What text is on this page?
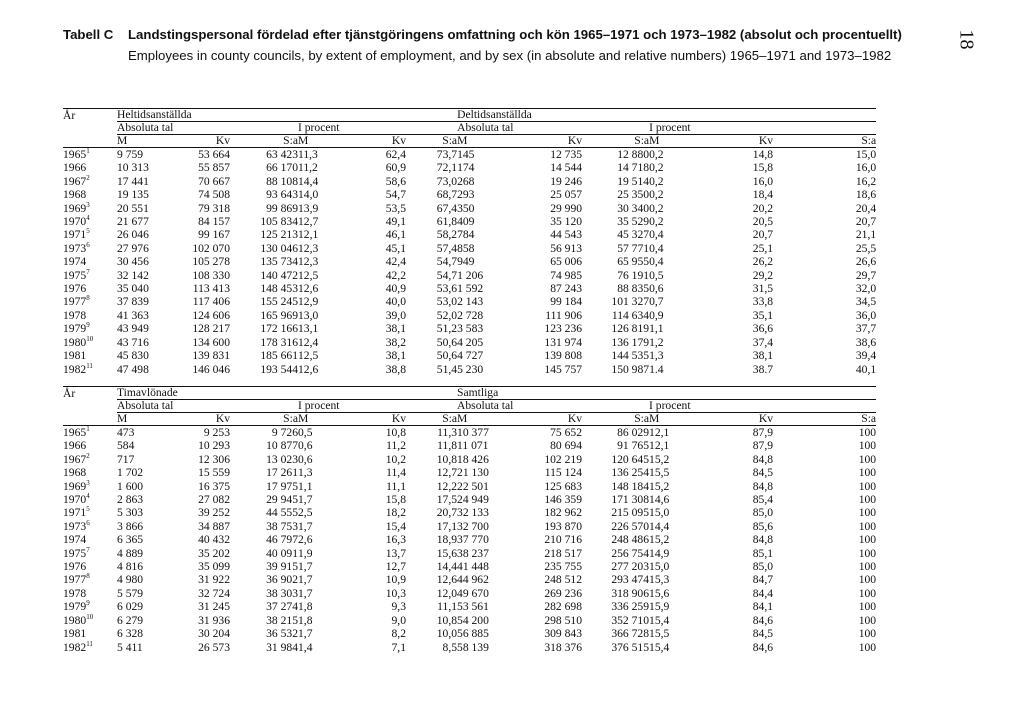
18
Tabell C Landstingspersonal fördelad efter tjänstgöringens omfattning och kön 1965–1971 och 1973–1982 (absolut och procentuellt)
Employees in county councils, by extent of employment, and by sex (in absolute and relative numbers) 1965–1971 and 1973–1982
År	Heltidsanställda						Deltidsanställda					
	Absoluta tal			I procent			Absoluta tal			I procent		
	M	Kv	S:a	M	Kv	S:a	M	Kv	S:a	M	Kv	S:a
1965$^1$	9 759	53 664	63 423	11,3	62,4	73,7	145	12 735	12 880	0,2	14,8	15,0
1966	10 313	55 857	66 170	11,2	60,9	72,1	174	14 544	14 718	0,2	15,8	16,0
1967$^2$	17 441	70 667	88 108	14,4	58,6	73,0	268	19 246	19 514	0,2	16,0	16,2
1968	19 135	74 508	93 643	14,0	54,7	68,7	293	25 057	25 350	0,2	18,4	18,6
1969$^3$	20 551	79 318	99 869	13,9	53,5	67,4	350	29 990	30 340	0,2	20,2	20,4
1970$^4$	21 677	84 157	105 834	12,7	49,1	61,8	409	35 120	35 529	0,2	20,5	20,7
1971$^5$	26 046	99 167	125 213	12,1	46,1	58,2	784	44 543	45 327	0,4	20,7	21,1
1973$^6$	27 976	102 070	130 046	12,3	45,1	57,4	858	56 913	57 771	0,4	25,1	25,5
1974	30 456	105 278	135 734	12,3	42,4	54,7	949	65 006	65 955	0,4	26,2	26,6
1975$^7$	32 142	108 330	140 472	12,5	42,2	54,7	1 206	74 985	76 191	0,5	29,2	29,7
1976	35 040	113 413	148 453	12,6	40,9	53,6	1 592	87 243	88 835	0,6	31,5	32,0
1977$^8$	37 839	117 406	155 245	12,9	40,0	53,0	2 143	99 184	101 327	0,7	33,8	34,5
1978	41 363	124 606	165 969	13,0	39,0	52,0	2 728	111 906	114 634	0,9	35,1	36,0
1979$^9$	43 949	128 217	172 166	13,1	38,1	51,2	3 583	123 236	126 819	1,1	36,6	37,7
1980$^{10}$	43 716	134 600	178 316	12,4	38,2	50,6	4 205	131 974	136 179	1,2	37,4	38,6
1981	45 830	139 831	185 661	12,5	38,1	50,6	4 727	139 808	144 535	1,3	38,1	39,4
1982$^{11}$	47 498	146 046	193 544	12,6	38,8	51,4	5 230	145 757	150 987	1.4	38.7	40,1
År	Timavlönade						Samtliga					
	Absoluta tal			I procent			Absoluta tal			I procent		
	M	Kv	S:a	M	Kv	S:a	M	Kv	S:a	M	Kv	S:a
1965$^1$	473	9 253	9 726	0,5	10,8	11,3	10 377	75 652	86 029	12,1	87,9	100
1966	584	10 293	10 877	0,6	11,2	11,8	11 071	80 694	91 765	12,1	87,9	100
1967$^2$	717	12 306	13 023	0,6	10,2	10,8	18 426	102 219	120 645	15,2	84,8	100
1968	1 702	15 559	17 261	1,3	11,4	12,7	21 130	115 124	136 254	15,5	84,5	100
1969$^3$	1 600	16 375	17 975	1,1	11,1	12,2	22 501	125 683	148 184	15,2	84,8	100
1970$^4$	2 863	27 082	29 945	1,7	15,8	17,5	24 949	146 359	171 308	14,6	85,4	100
1971$^5$	5 303	39 252	44 555	2,5	18,2	20,7	32 133	182 962	215 095	15,0	85,0	100
1973$^6$	3 866	34 887	38 753	1,7	15,4	17,1	32 700	193 870	226 570	14,4	85,6	100
1974	6 365	40 432	46 797	2,6	16,3	18,9	37 770	210 716	248 486	15,2	84,8	100
1975$^7$	4 889	35 202	40 091	1,9	13,7	15,6	38 237	218 517	256 754	14,9	85,1	100
1976	4 816	35 099	39 915	1,7	12,7	14,4	41 448	235 755	277 203	15,0	85,0	100
1977$^8$	4 980	31 922	36 902	1,7	10,9	12,6	44 962	248 512	293 474	15,3	84,7	100
1978	5 579	32 724	38 303	1,7	10,3	12,0	49 670	269 236	318 906	15,6	84,4	100
1979$^9$	6 029	31 245	37 274	1,8	9,3	11,1	53 561	282 698	336 259	15,9	84,1	100
1980$^{10}$	6 279	31 936	38 215	1,8	9,0	10,8	54 200	298 510	352 710	15,4	84,6	100
1981	6 328	30 204	36 532	1,7	8,2	10,0	56 885	309 843	366 728	15,5	84,5	100
1982$^{11}$	5 411	26 573	31 984	1,4	7,1	8,5	58 139	318 376	376 515	15,4	84,6	100
